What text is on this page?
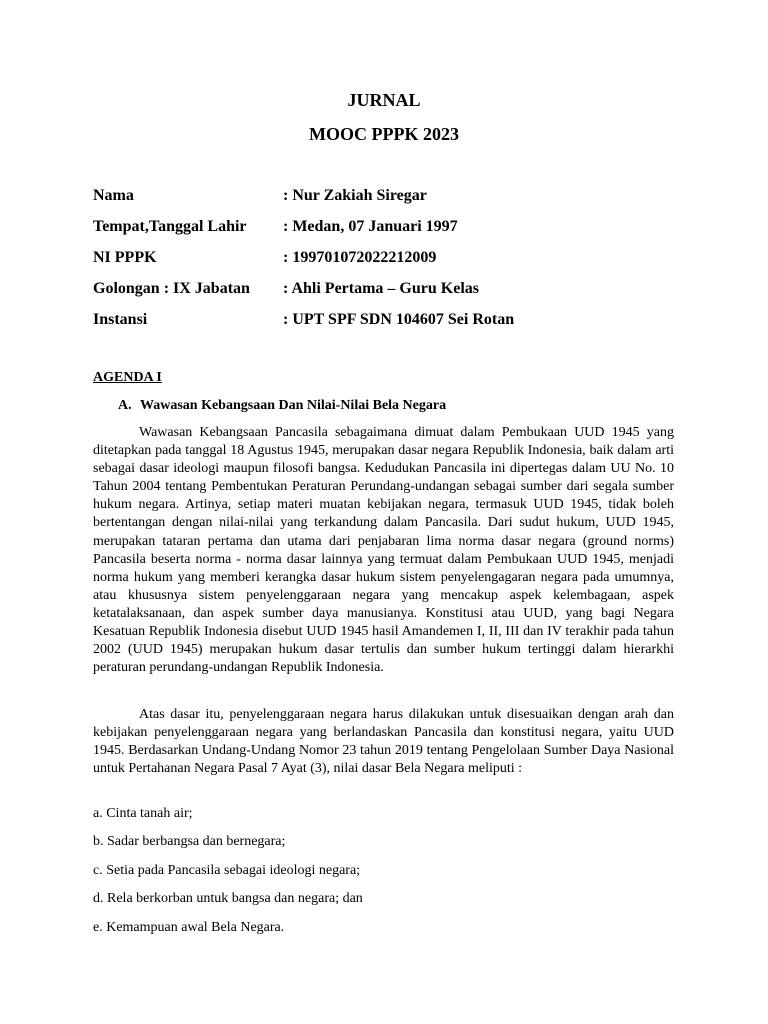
JURNAL
MOOC PPPK 2023
Nama	: Nur Zakiah Siregar
Tempat,Tanggal Lahir	: Medan, 07 Januari 1997
NI PPPK	: 199701072022212009
Golongan : IX Jabatan	: Ahli Pertama – Guru Kelas
Instansi	: UPT SPF SDN 104607 Sei Rotan
AGENDA I
A. Wawasan Kebangsaan Dan Nilai-Nilai Bela Negara

Wawasan Kebangsaan Pancasila sebagaimana dimuat dalam Pembukaan UUD 1945 yang ditetapkan pada tanggal 18 Agustus 1945, merupakan dasar negara Republik Indonesia, baik dalam arti sebagai dasar ideologi maupun filosofi bangsa. Kedudukan Pancasila ini dipertegas dalam UU No. 10 Tahun 2004 tentang Pembentukan Peraturan Perundang-undangan sebagai sumber dari segala sumber hukum negara. Artinya, setiap materi muatan kebijakan negara, termasuk UUD 1945, tidak boleh bertentangan dengan nilai-nilai yang terkandung dalam Pancasila. Dari sudut hukum, UUD 1945, merupakan tataran pertama dan utama dari penjabaran lima norma dasar negara (ground norms) Pancasila beserta norma - norma dasar lainnya yang termuat dalam Pembukaan UUD 1945, menjadi norma hukum yang memberi kerangka dasar hukum sistem penyelengagaran negara pada umumnya, atau khususnya sistem penyelenggaraan negara yang mencakup aspek kelembagaan, aspek ketatalaksanaan, dan aspek sumber daya manusianya. Konstitusi atau UUD, yang bagi Negara Kesatuan Republik Indonesia disebut UUD 1945 hasil Amandemen I, II, III dan IV terakhir pada tahun 2002 (UUD 1945) merupakan hukum dasar tertulis dan sumber hukum tertinggi dalam hierarkhi peraturan perundang-undangan Republik Indonesia.

Atas dasar itu, penyelenggaraan negara harus dilakukan untuk disesuaikan dengan arah dan kebijakan penyelenggaraan negara yang berlandaskan Pancasila dan konstitusi negara, yaitu UUD 1945. Berdasarkan Undang-Undang Nomor 23 tahun 2019 tentang Pengelolaan Sumber Daya Nasional untuk Pertahanan Negara Pasal 7 Ayat (3), nilai dasar Bela Negara meliputi :

a. Cinta tanah air;
b. Sadar berbangsa dan bernegara;
c. Setia pada Pancasila sebagai ideologi negara;
d. Rela berkorban untuk bangsa dan negara; dan
e. Kemampuan awal Bela Negara.
